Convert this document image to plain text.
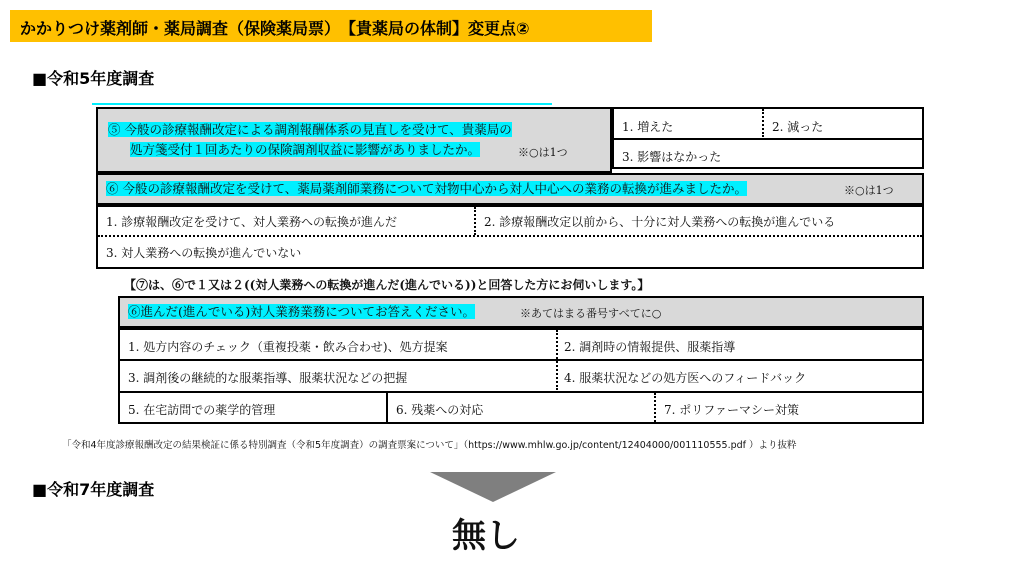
かかりつけ薬剤師・薬局調査（保険薬局票）　【貴薬局の体制】変更点②
■令和5年度調査
⑤ 今般の診療報酬改定による調剤報酬体系の見直しを受けて、貴薬局の
処方箋受付１回あたりの保険調剤収益に影響がありましたか。	※○は1つ
1. 増えた	2. 減った
3. 影響はなかった
⑥ 今般の診療報酬改定を受けて、薬局薬剤師業務について対物中心から対人中心への業務の転換が進みましたか。	※○は1つ
1. 診療報酬改定を受けて、対人業務への転換が進んだ	2. 診療報酬改定以前から、十分に対人業務への転換が進んでいる
3. 対人業務への転換が進んでいない
【⑦は、⑥で１又は２((対人業務への転換が進んだ(進んでいる))と回答した方にお伺いします。】
⑥進んだ(進んでいる)対人業務業務についてお答えください。	※あてはまる番号すべてに○
1. 処方内容のチェック（重複投薬・飲み合わせ)、処方提案	2. 調剤時の情報提供、服薬指導
3. 調剤後の継続的な服薬指導、服薬状況などの把握	4. 服薬状況などの処方医へのフィードバック
5. 在宅訪問での薬学的管理	6. 残薬への対応	7. ポリファーマシー対策
「令和4年度診療報酬改定の結果検証に係る特別調査（令和5年度調査）の調査票案について」（https://www.mhlw.go.jp/content/12404000/001110555.pdf ）より抜粋
■令和7年度調査
無し
